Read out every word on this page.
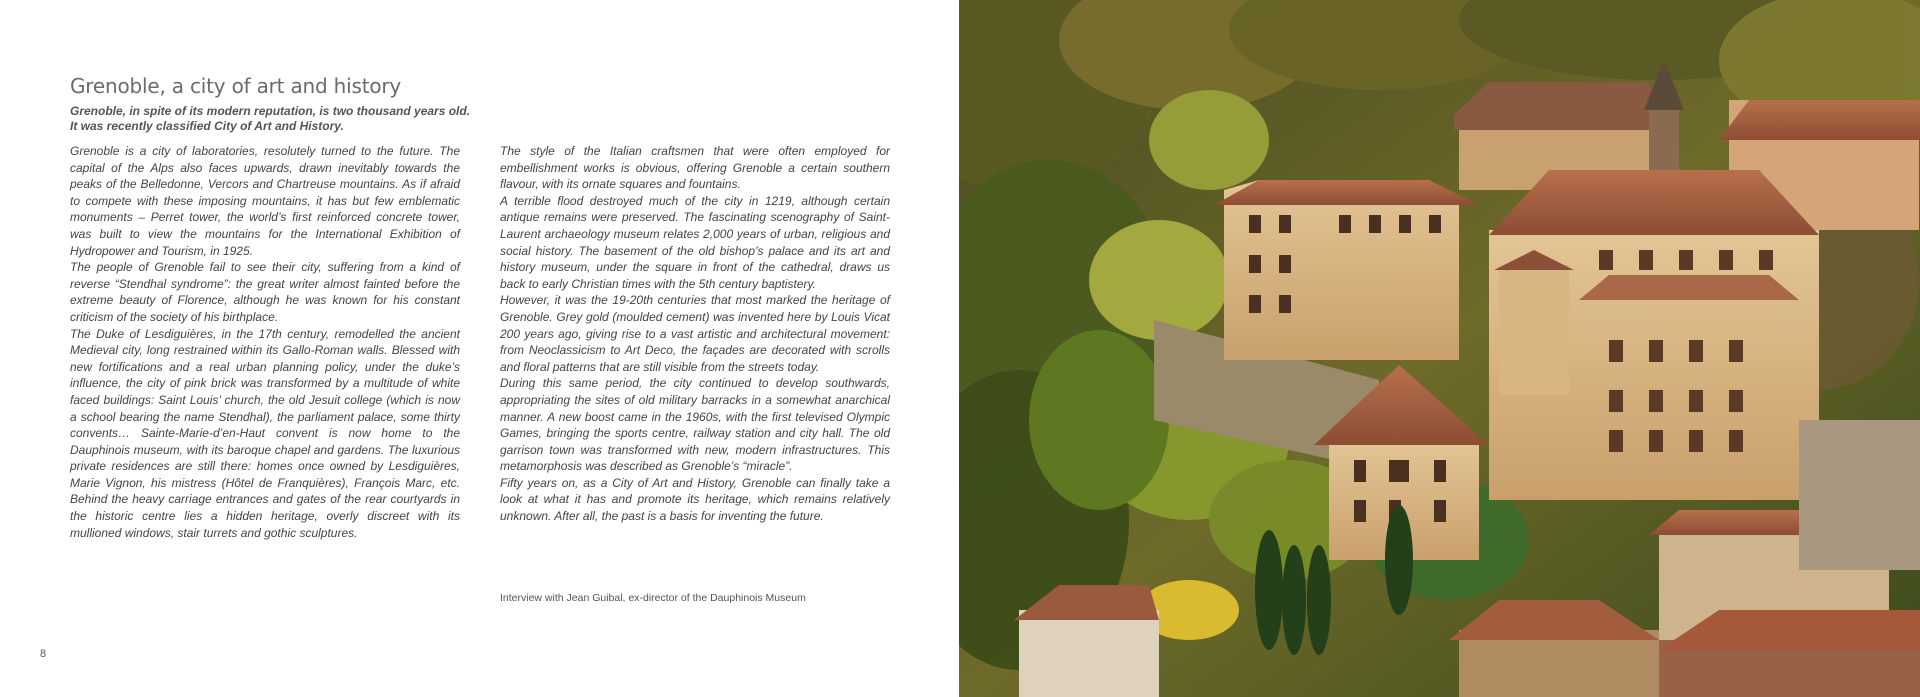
Grenoble, a city of art and history
Grenoble, in spite of its modern reputation, is two thousand years old.
It was recently classified City of Art and History.

Grenoble is a city of laboratories, resolutely turned to the future. The capital of the Alps also faces upwards, drawn inevitably towards the peaks of the Belledonne, Vercors and Chartreuse mountains. As if afraid to compete with these imposing mountains, it has but few emblematic monuments – Perret tower, the world’s first reinforced concrete tower, was built to view the mountains for the International Exhibition of Hydropower and Tourism, in 1925.

The people of Grenoble fail to see their city, suffering from a kind of reverse “Stendhal syndrome”: the great writer almost fainted before the extreme beauty of Florence, although he was known for his constant criticism of the society of his birthplace.

The Duke of Lesdiguières, in the 17th century, remodelled the ancient Medieval city, long restrained within its Gallo-Roman walls. Blessed with new fortifications and a real urban planning policy, under the duke’s influence, the city of pink brick was transformed by a multitude of white faced buildings: Saint Louis’ church, the old Jesuit college (which is now a school bearing the name Stendhal), the parliament palace, some thirty convents… Sainte-Marie-d’en-Haut convent is now home to the Dauphinois museum, with its baroque chapel and gardens. The luxurious private residences are still there: homes once owned by Lesdiguières, Marie Vignon, his mistress (Hôtel de Franquières), François Marc, etc. Behind the heavy carriage entrances and gates of the rear courtyards in the historic centre lies a hidden heritage, overly discreet with its mullioned windows, stair turrets and gothic sculptures.

The style of the Italian craftsmen that were often employed for embellishment works is obvious, offering Grenoble a certain southern flavour, with its ornate squares and fountains.

A terrible flood destroyed much of the city in 1219, although certain antique remains were preserved. The fascinating scenography of Saint-Laurent archaeology museum relates 2,000 years of urban, religious and social history. The basement of the old bishop’s palace and its art and history museum, under the square in front of the cathedral, draws us back to early Christian times with the 5th century baptistery.

However, it was the 19-20th centuries that most marked the heritage of Grenoble. Grey gold (moulded cement) was invented here by Louis Vicat 200 years ago, giving rise to a vast artistic and architectural movement: from Neoclassicism to Art Deco, the façades are decorated with scrolls and floral patterns that are still visible from the streets today.

During this same period, the city continued to develop southwards, appropriating the sites of old military barracks in a somewhat anarchical manner. A new boost came in the 1960s, with the first televised Olympic Games, bringing the sports centre, railway station and city hall. The old garrison town was transformed with new, modern infrastructures. This metamorphosis was described as Grenoble’s “miracle”.

Fifty years on, as a City of Art and History, Grenoble can finally take a look at what it has and promote its heritage, which remains relatively unknown. After all, the past is a basis for inventing the future.

Interview with Jean Guibal, ex-director of the Dauphinois Museum
8
